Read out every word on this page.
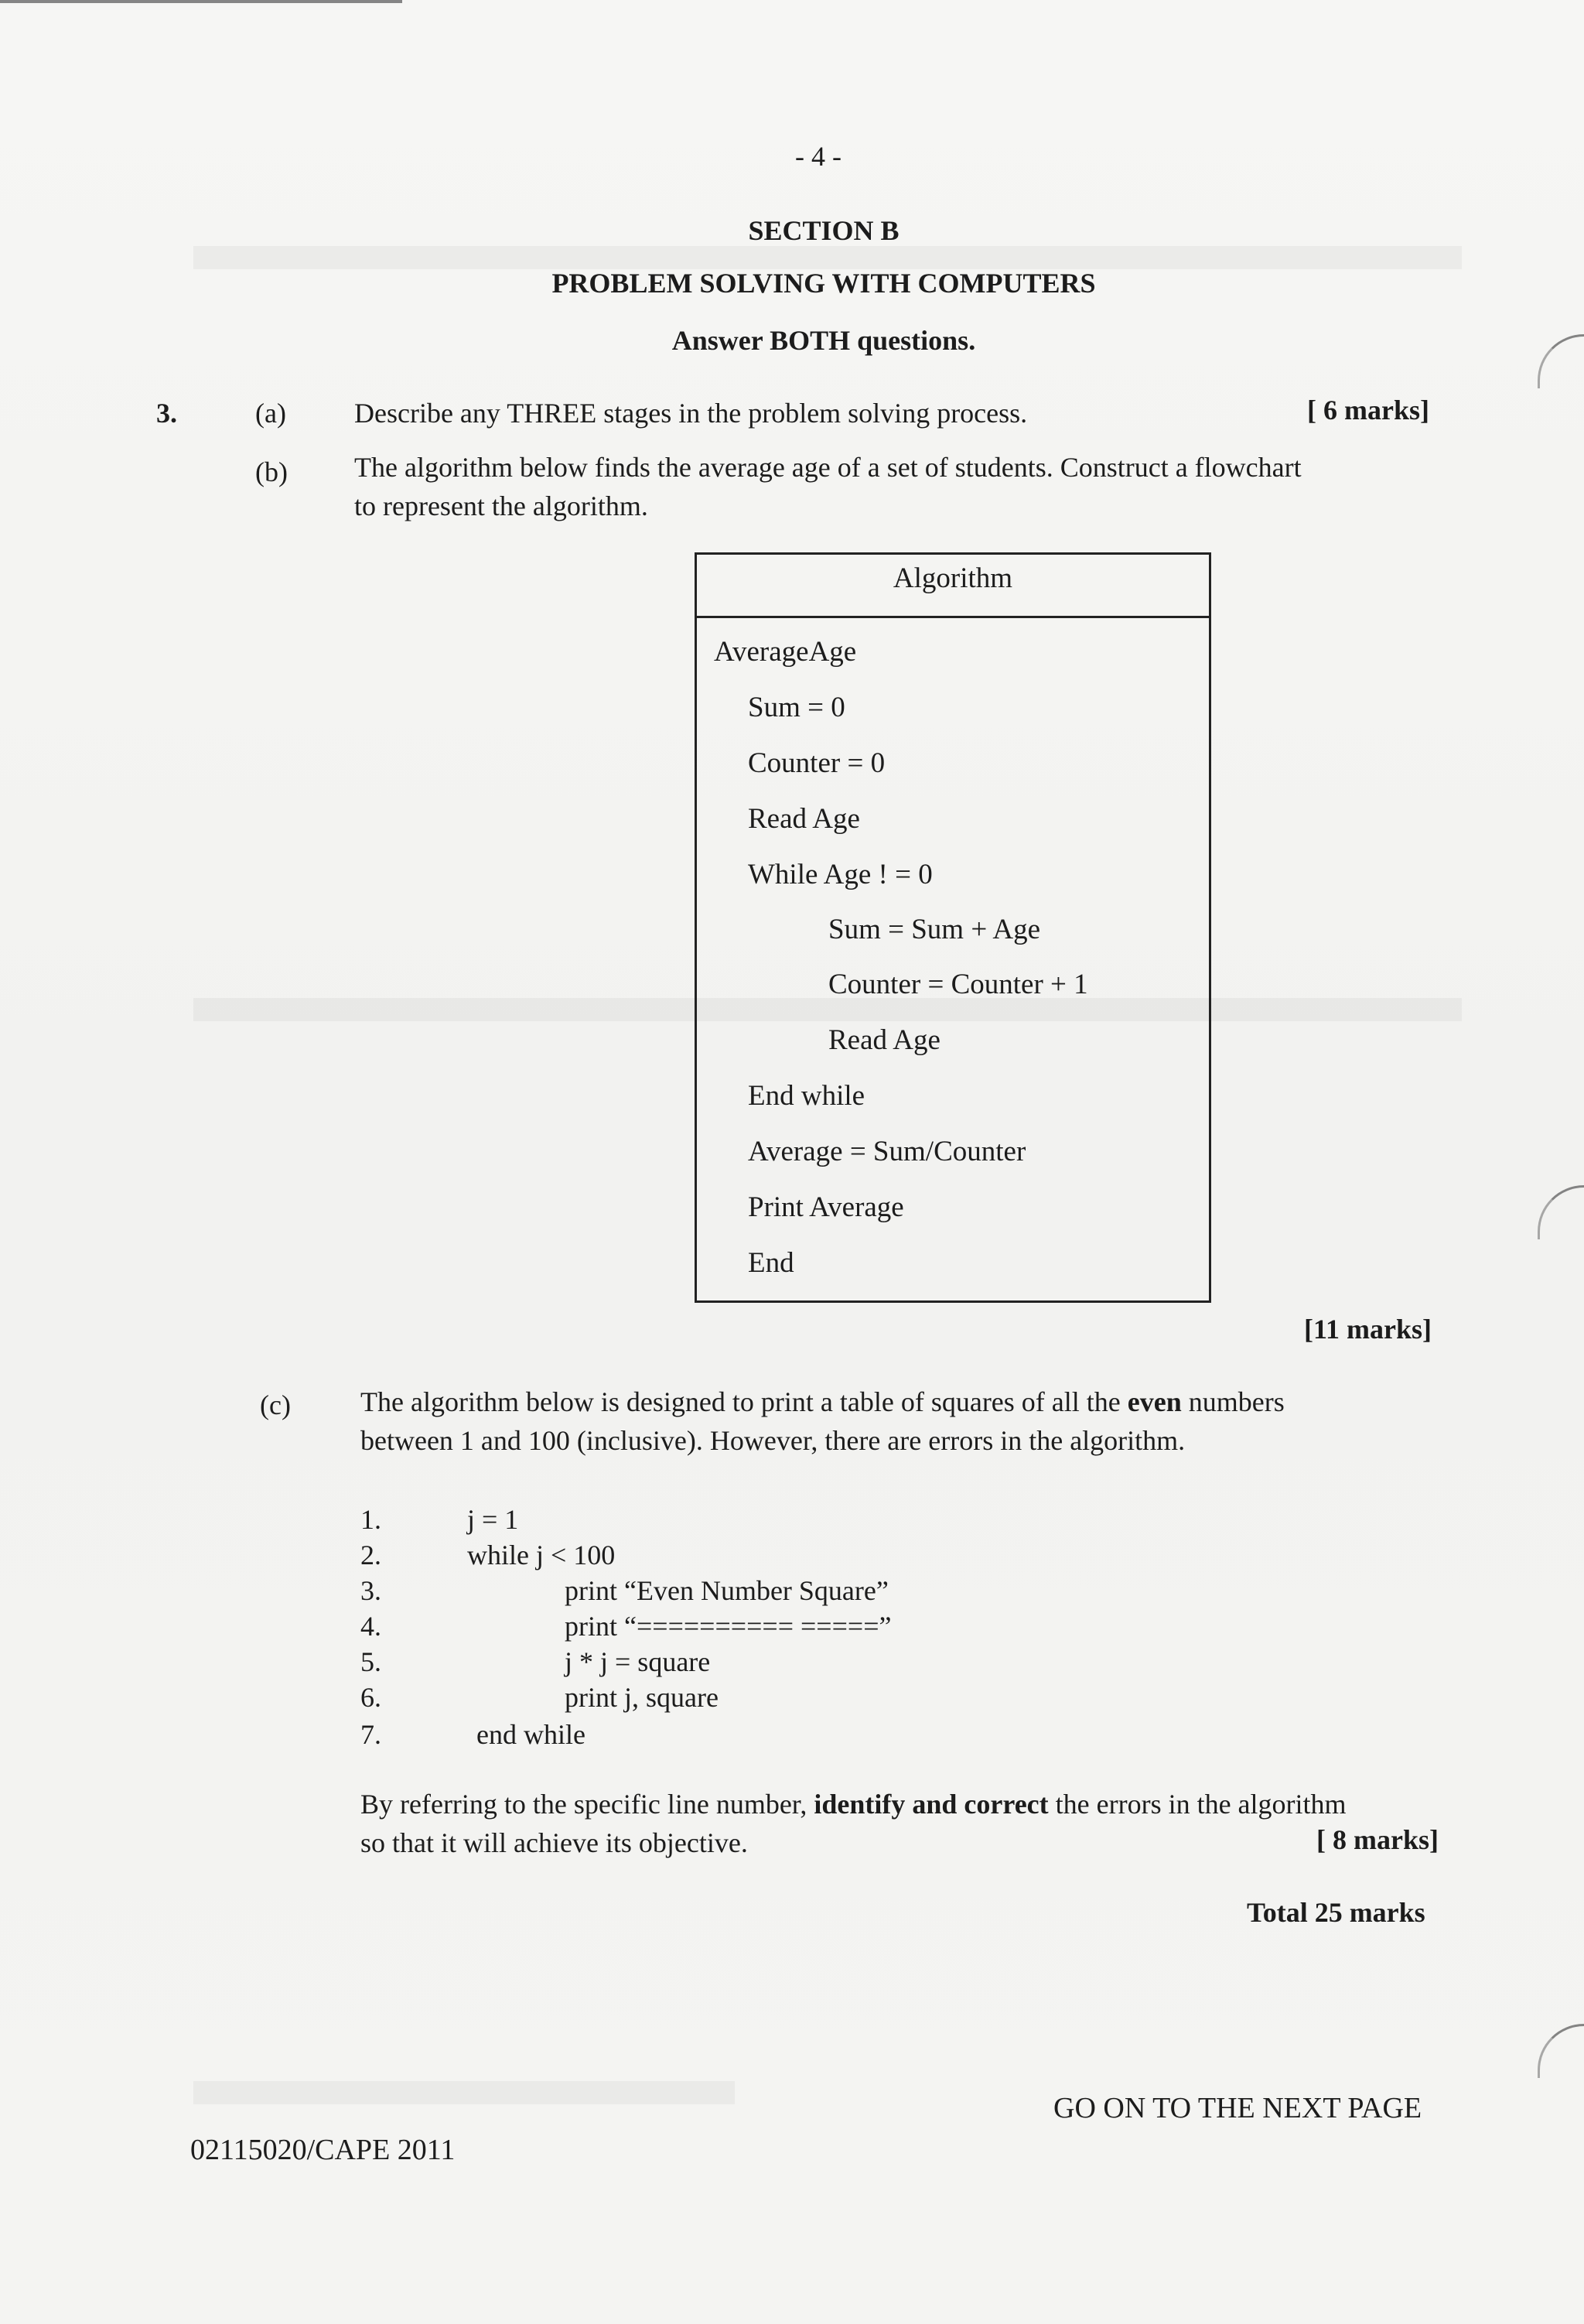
- 4 -
SECTION B
PROBLEM SOLVING WITH COMPUTERS
Answer BOTH questions.
3.	(a) Describe any THREE stages in the problem solving process.	[ 6 marks]
(b) The algorithm below finds the average age of a set of students. Construct a flowchart
to represent the algorithm.
Algorithm
AverageAge
Sum = 0
Counter = 0
Read Age
While Age ! = 0
Sum = Sum + Age
Counter = Counter + 1
Read Age
End while
Average = Sum/Counter
Print Average
End
[11 marks]
(c)	The algorithm below is designed to print a table of squares of all the even numbers
between 1 and 100 (inclusive). However, there are errors in the algorithm.
1.	j = 1
2.	while j < 100
3.	print “Even Number Square”
4.	print “========== =====”
5.	j * j = square
6.	print j, square
7.	end while
By referring to the specific line number, identify and correct the errors in the algorithm
so that it will achieve its objective.	[ 8 marks]
Total 25 marks
GO ON TO THE NEXT PAGE
02115020/CAPE 2011
